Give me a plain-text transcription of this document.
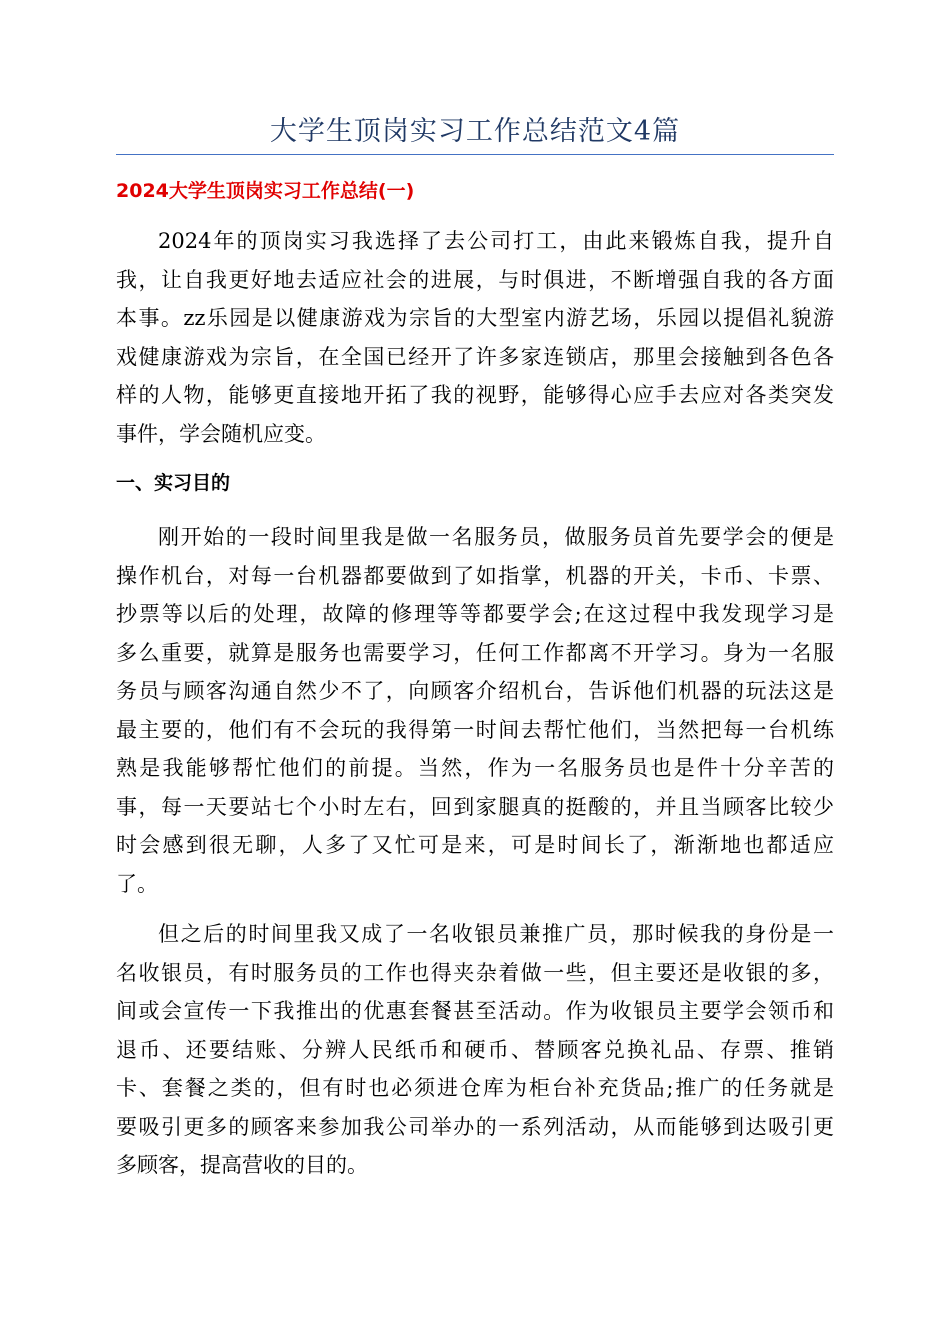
大学生顶岗实习工作总结范文4篇
2024大学生顶岗实习工作总结(一)
2024年的顶岗实习我选择了去公司打工，由此来锻炼自我，提升自
我，让自我更好地去适应社会的进展，与时俱进，不断增强自我的各方面
本事。zz乐园是以健康游戏为宗旨的大型室内游艺场，乐园以提倡礼貌游
戏健康游戏为宗旨，在全国已经开了许多家连锁店，那里会接触到各色各
样的人物，能够更直接地开拓了我的视野，能够得心应手去应对各类突发
事件，学会随机应变。
一、实习目的
刚开始的一段时间里我是做一名服务员，做服务员首先要学会的便是
操作机台，对每一台机器都要做到了如指掌，机器的开关，卡币、卡票、
抄票等以后的处理，故障的修理等等都要学会;在这过程中我发现学习是
多么重要，就算是服务也需要学习，任何工作都离不开学习。身为一名服
务员与顾客沟通自然少不了，向顾客介绍机台，告诉他们机器的玩法这是
最主要的，他们有不会玩的我得第一时间去帮忙他们，当然把每一台机练
熟是我能够帮忙他们的前提。当然，作为一名服务员也是件十分辛苦的
事，每一天要站七个小时左右，回到家腿真的挺酸的，并且当顾客比较少
时会感到很无聊，人多了又忙可是来，可是时间长了，渐渐地也都适应
了。
但之后的时间里我又成了一名收银员兼推广员，那时候我的身份是一
名收银员，有时服务员的工作也得夹杂着做一些，但主要还是收银的多，
间或会宣传一下我推出的优惠套餐甚至活动。作为收银员主要学会领币和
退币、还要结账、分辨人民纸币和硬币、替顾客兑换礼品、存票、推销
卡、套餐之类的，但有时也必须进仓库为柜台补充货品;推广的任务就是
要吸引更多的顾客来参加我公司举办的一系列活动，从而能够到达吸引更
多顾客，提高营收的目的。
